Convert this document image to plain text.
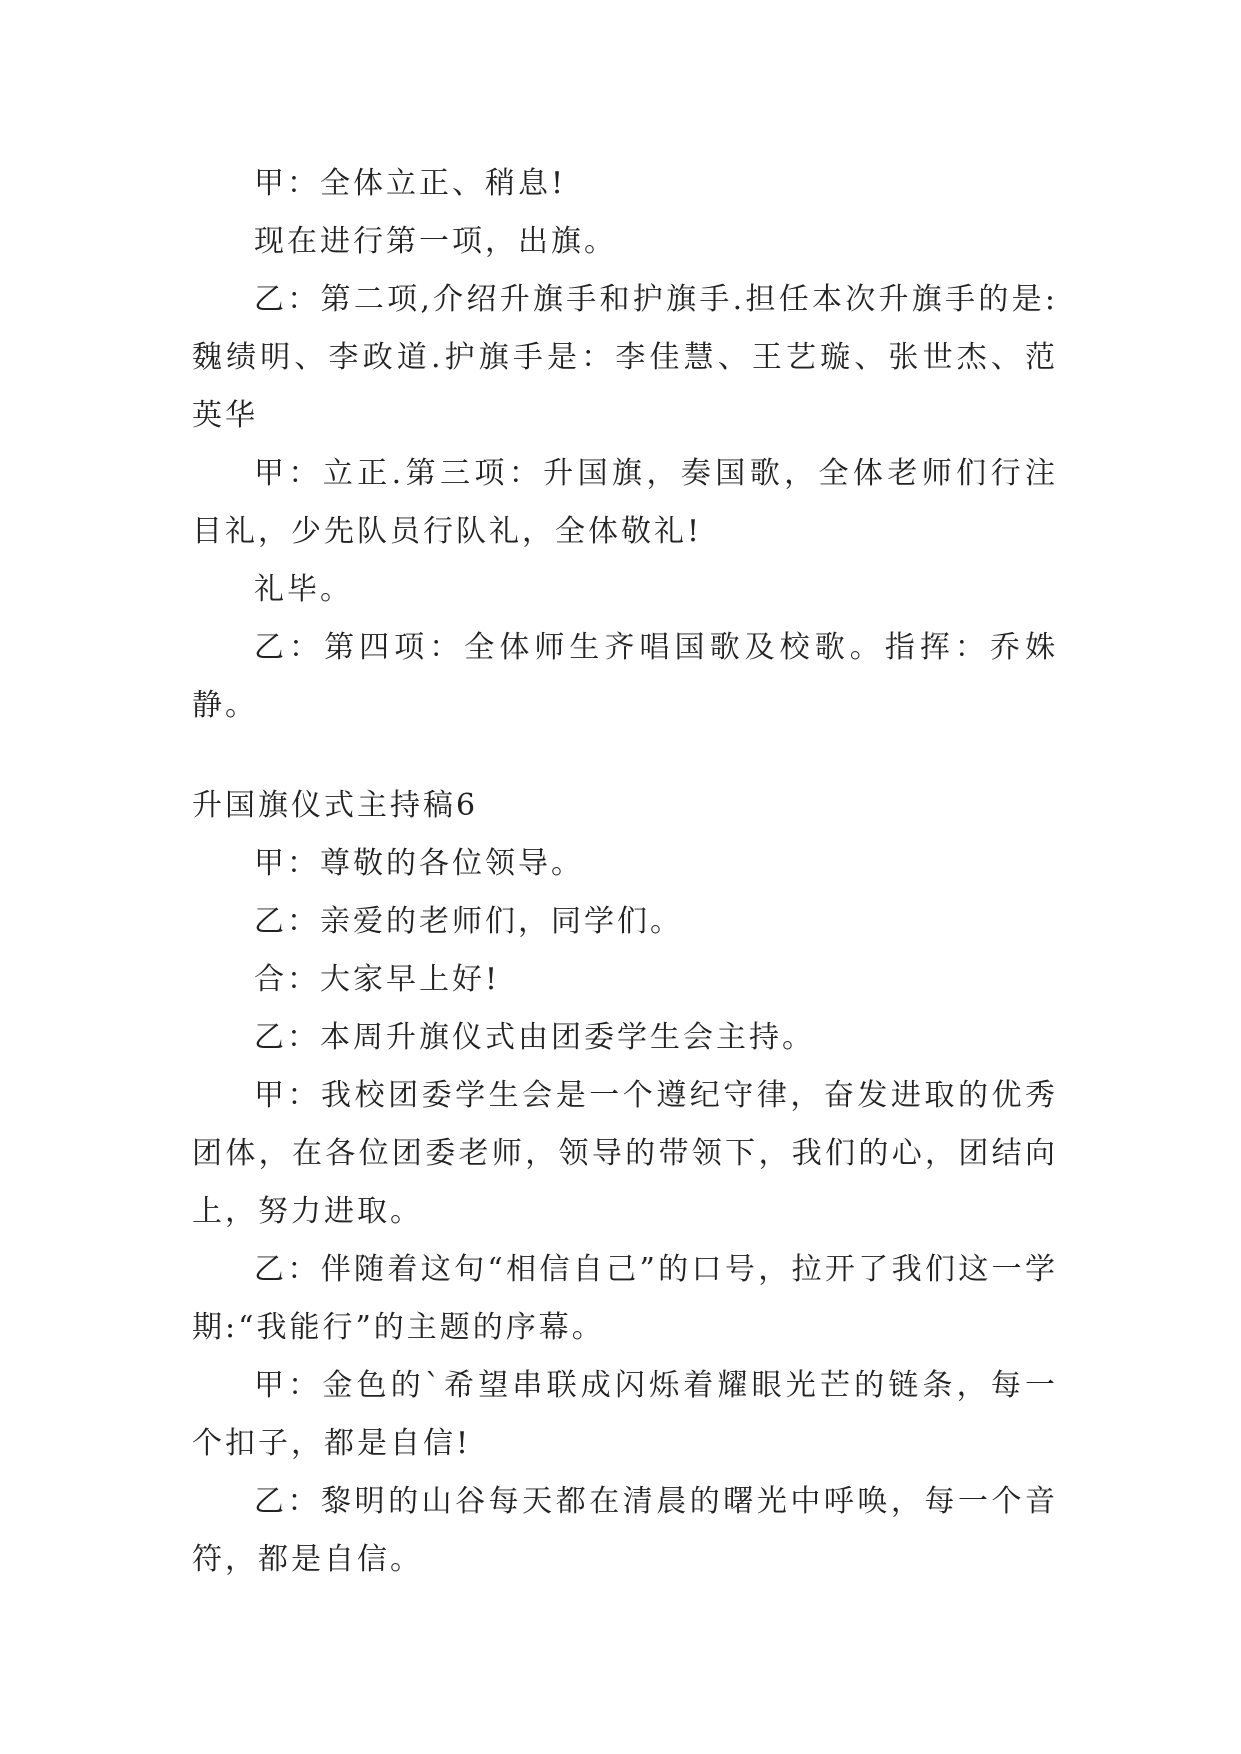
甲：全体立正、稍息!

现在进行第一项，出旗。

乙：第二项,介绍升旗手和护旗手.担任本次升旗手的是:魏绩明、李政道.护旗手是：李佳慧、王艺璇、张世杰、范英华

甲：立正.第三项：升国旗，奏国歌，全体老师们行注目礼，少先队员行队礼，全体敬礼!

礼毕。

乙：第四项：全体师生齐唱国歌及校歌。指挥：乔姝静。

升国旗仪式主持稿6

甲：尊敬的各位领导。

乙：亲爱的老师们，同学们。

合：大家早上好!

乙：本周升旗仪式由团委学生会主持。

甲：我校团委学生会是一个遵纪守律，奋发进取的优秀团体，在各位团委老师，领导的带领下，我们的心，团结向上，努力进取。

乙：伴随着这句“相信自己”的口号，拉开了我们这一学期:“我能行”的主题的序幕。

甲：金色的`希望串联成闪烁着耀眼光芒的链条，每一个扣子，都是自信!

乙：黎明的山谷每天都在清晨的曙光中呼唤，每一个音符，都是自信。
